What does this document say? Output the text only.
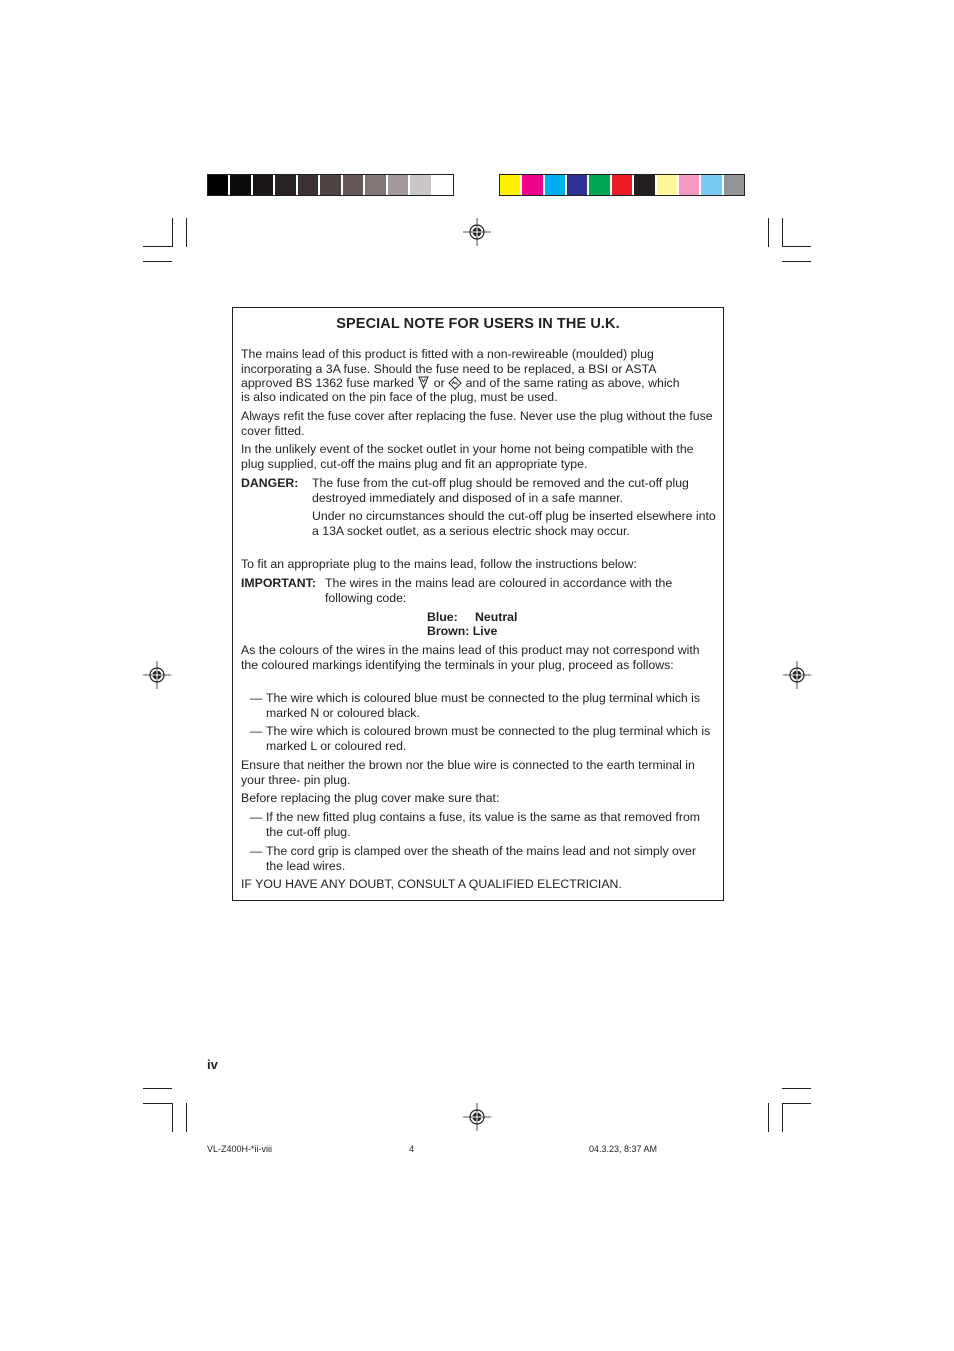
SPECIAL NOTE FOR USERS IN THE U.K.
The mains lead of this product is fitted with a non-rewireable (moulded) plug incorporating a 3A fuse. Should the fuse need to be replaced, a BSI or ASTA
approved BS 1362 fuse marked or and of the same rating as above, which
is also indicated on the pin face of the plug, must be used.
Always refit the fuse cover after replacing the fuse. Never use the plug without the fuse cover fitted.
In the unlikely event of the socket outlet in your home not being compatible with the plug supplied, cut-off the mains plug and fit an appropriate type.
DANGER: The fuse from the cut-off plug should be removed and the cut-off plug destroyed immediately and disposed of in a safe manner.
Under no circumstances should the cut-off plug be inserted elsewhere into a 13A socket outlet, as a serious electric shock may occur.
To fit an appropriate plug to the mains lead, follow the instructions below:
IMPORTANT: The wires in the mains lead are coloured in accordance with the following code:
Blue: Neutral
Brown: Live
As the colours of the wires in the mains lead of this product may not correspond with the coloured markings identifying the terminals in your plug, proceed as follows:
— The wire which is coloured blue must be connected to the plug terminal which is marked N or coloured black.
— The wire which is coloured brown must be connected to the plug terminal which is marked L or coloured red.
Ensure that neither the brown nor the blue wire is connected to the earth terminal in your three- pin plug.
Before replacing the plug cover make sure that:
— If the new fitted plug contains a fuse, its value is the same as that removed from the cut-off plug.
— The cord grip is clamped over the sheath of the mains lead and not simply over the lead wires.
IF YOU HAVE ANY DOUBT, CONSULT A QUALIFIED ELECTRICIAN.
iv
VL-Z400H-*ii-viii	4	04.3.23, 8:37 AM
